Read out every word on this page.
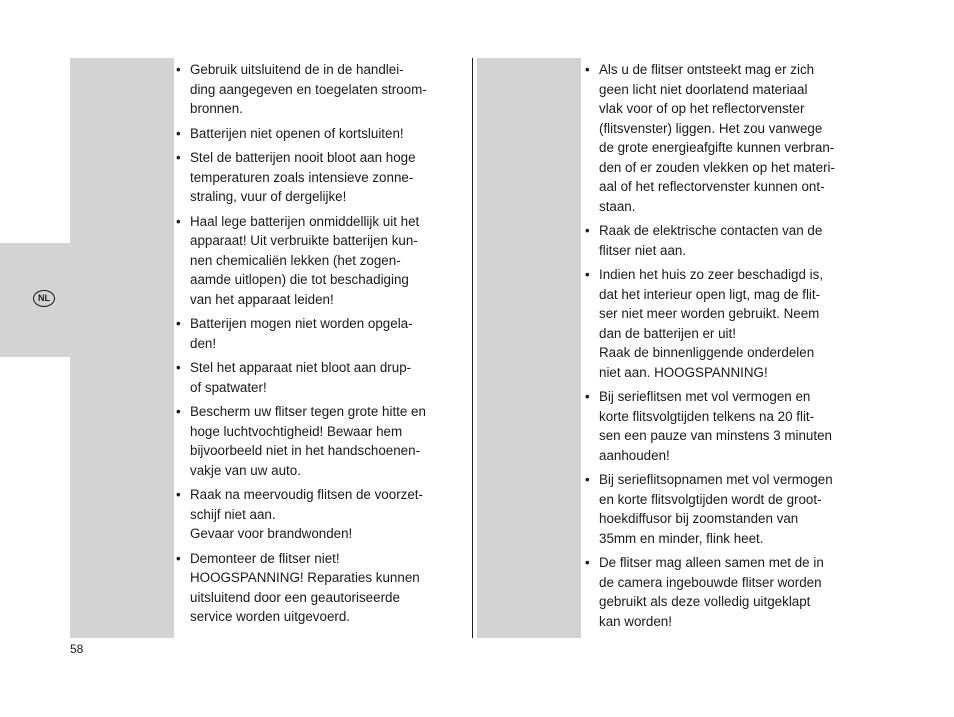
NL
• Gebruik uitsluitend de in de handlei-
ding aangegeven en toegelaten stroom-
bronnen.
• Batterijen niet openen of kortsluiten!
• Stel de batterijen nooit bloot aan hoge
temperaturen zoals intensieve zonne-
straling, vuur of dergelijke!
• Haal lege batterijen onmiddellijk uit het
apparaat! Uit verbruikte batterijen kun-
nen chemicaliën lekken (het zogen-
aamde uitlopen) die tot beschadiging
van het apparaat leiden!
• Batterijen mogen niet worden opgela-
den!
• Stel het apparaat niet bloot aan drup-
of spatwater!
• Bescherm uw flitser tegen grote hitte en
hoge luchtvochtigheid! Bewaar hem
bijvoorbeeld niet in het handschoenen-
vakje van uw auto.
• Raak na meervoudig flitsen de voorzet-
schijf niet aan.
Gevaar voor brandwonden!
• Demonteer de flitser niet!
HOOGSPANNING! Reparaties kunnen
uitsluitend door een geautoriseerde
service worden uitgevoerd.
• Als u de flitser ontsteekt mag er zich
geen licht niet doorlatend materiaal
vlak voor of op het reflectorvenster
(flitsvenster) liggen. Het zou vanwege
de grote energieafgifte kunnen verbran-
den of er zouden vlekken op het materi-
aal of het reflectorvenster kunnen ont-
staan.
• Raak de elektrische contacten van de
flitser niet aan.
• Indien het huis zo zeer beschadigd is,
dat het interieur open ligt, mag de flit-
ser niet meer worden gebruikt. Neem
dan de batterijen er uit!
Raak de binnenliggende onderdelen
niet aan. HOOGSPANNING!
• Bij serieflitsen met vol vermogen en
korte flitsvolgtijden telkens na 20 flit-
sen een pauze van minstens 3 minuten
aanhouden!
• Bij serieflitsopnamen met vol vermogen
en korte flitsvolgtijden wordt de groot-
hoekdiffusor bij zoomstanden van
35mm en minder, flink heet.
• De flitser mag alleen samen met de in
de camera ingebouwde flitser worden
gebruikt als deze volledig uitgeklapt
kan worden!
58
